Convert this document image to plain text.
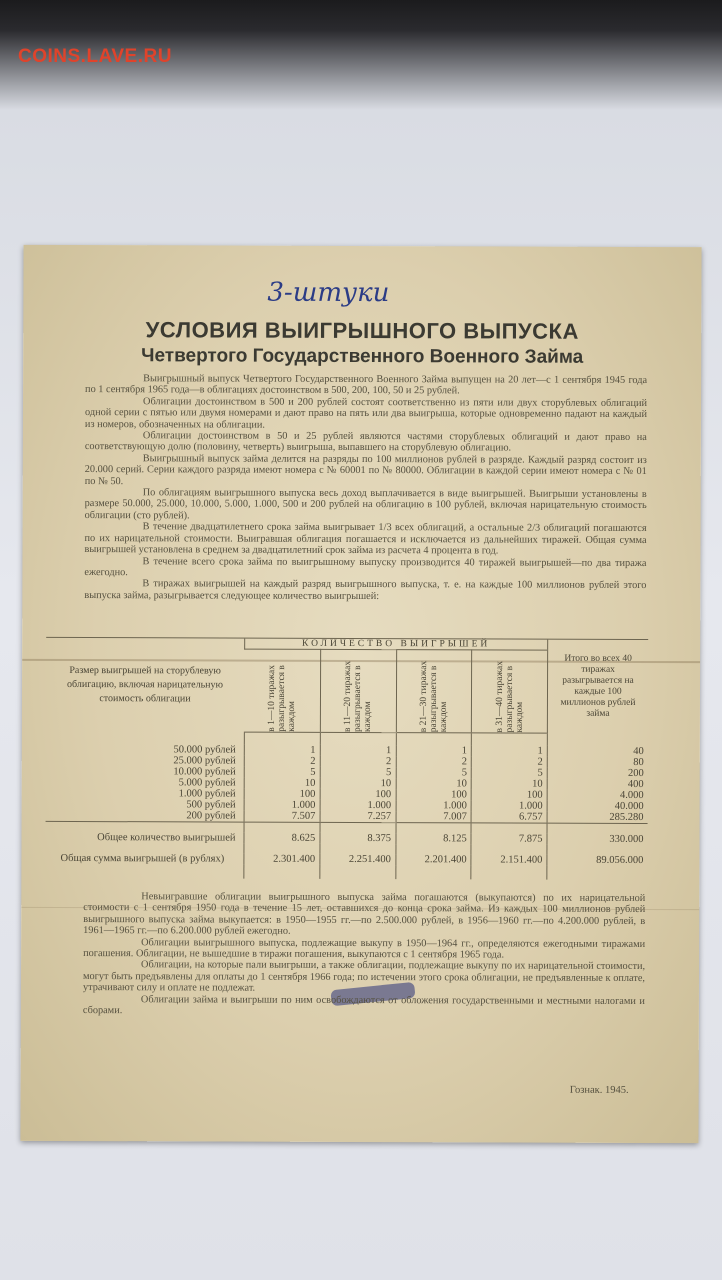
COINS.LAVE.RU
3-штуки
УСЛОВИЯ ВЫИГРЫШНОГО ВЫПУСКА
Четвертого Государственного Военного Займа

Выигрышный выпуск Четвертого Государственного Военного Займа выпущен на 20 лет—с 1 сентября 1945 года по 1 сентября 1965 года—в облигациях достоинством в 500, 200, 100, 50 и 25 рублей.

Облигации достоинством в 500 и 200 рублей состоят соответственно из пяти или двух сторублевых облигаций одной серии с пятью или двумя номерами и дают право на пять или два выигрыша, которые одновременно падают на каждый из номеров, обозначенных на облигации.

Облигации достоинством в 50 и 25 рублей являются частями сторублевых облигаций и дают право на соответствующую долю (половину, четверть) выигрыша, выпавшего на сторублевую облигацию.

Выигрышный выпуск займа делится на разряды по 100 миллионов рублей в разряде. Каждый разряд состоит из 20.000 серий. Серии каждого разряда имеют номера с № 60001 по № 80000. Облигации в каждой серии имеют номера с № 01 по № 50.

По облигациям выигрышного выпуска весь доход выплачивается в виде выигрышей. Выигрыши установлены в размере 50.000, 25.000, 10.000, 5.000, 1.000, 500 и 200 рублей на облигацию в 100 рублей, включая нарицательную стоимость облигации (сто рублей).

В течение двадцатилетнего срока займа выигрывает 1/3 всех облигаций, а остальные 2/3 облигаций погашаются по их нарицательной стоимости. Выигравшая облигация погашается и исключается из дальнейших тиражей. Общая сумма выигрышей установлена в среднем за двадцатилетний срок займа из расчета 4 процента в год.

В течение всего срока займа по выигрышному выпуску производится 40 тиражей выигрышей—по два тиража ежегодно.

В тиражах выигрышей на каждый разряд выигрышного выпуска, т. е. на каждые 100 миллионов рублей этого выпуска займа, разыгрывается следующее количество выигрышей:

Размер выигрышей на сторублевую облигацию, включая нарицательную стоимость облигации	КОЛИЧЕСТВО ВЫИГРЫШЕЙ				Итого во всех 40 тиражах разыгрывается на каждые 100 миллионов рублей займа

	в 1—10 тиражах разыгрывается в каждом	в 11—20 тиражах разыгрывается в каждом	в 21—30 тиражах разыгрывается в каждом	в 31—40 тиражах разыгрывается в каждом	

50.000 рублей	1	1	1	1	40
25.000 рублей	2	2	2	2	80
10.000 рублей	5	5	5	5	200
5.000 рублей	10	10	10	10	400
1.000 рублей	100	100	100	100	4.000
500 рублей	1.000	1.000	1.000	1.000	40.000
200 рублей	7.507	7.257	7.007	6.757	285.280

Общее количество выигрышей	8.625	8.375	8.125	7.875	330.000

Общая сумма выигрышей (в рублях)	2.301.400	2.251.400	2.201.400	2.151.400	89.056.000

Невыигравшие облигации выигрышного выпуска займа погашаются (выкупаются) по их нарицательной стоимости с 1 сентября 1950 года в течение 15 лет, оставшихся до конца срока займа. Из каждых 100 миллионов рублей выигрышного выпуска займа выкупается: в 1950—1955 гг.—по 2.500.000 рублей, в 1956—1960 гг.—по 4.200.000 рублей, в 1961—1965 гг.—по 6.200.000 рублей ежегодно.

Облигации выигрышного выпуска, подлежащие выкупу в 1950—1964 гг., определяются ежегодными тиражами погашения. Облигации, не вышедшие в тиражи погашения, выкупаются с 1 сентября 1965 года.

Облигации, на которые пали выигрыши, а также облигации, подлежащие выкупу по их нарицательной стоимости, могут быть предъявлены для оплаты до 1 сентября 1966 года; по истечении этого срока облигации, не предъявленные к оплате, утрачивают силу и оплате не подлежат.

Облигации займа и выигрыши по ним освобождаются от обложения государственными и местными налогами и сборами.

Гознак. 1945.
